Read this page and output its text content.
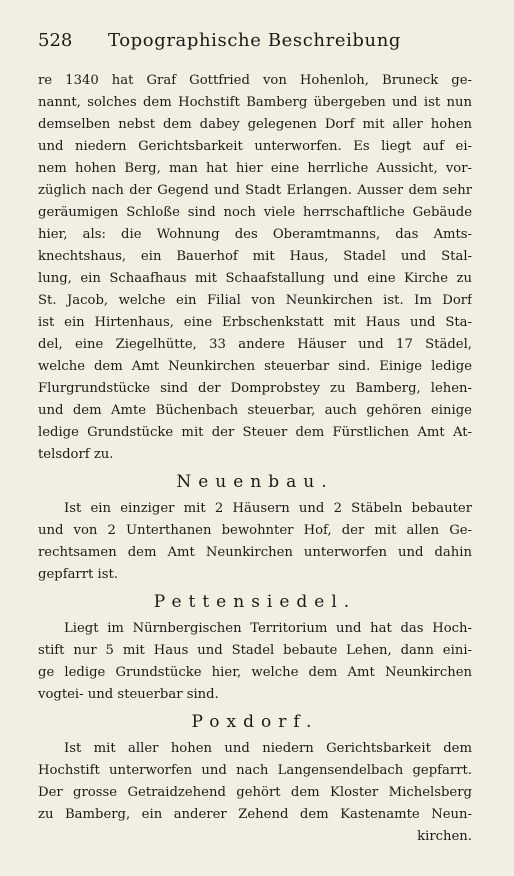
528	Topographische Beschreibung

re 1340 hat Graf Gottfried von Hohenloh, Bruneck ge-

nannt, solches dem Hochstift Bamberg übergeben und ist nun

demselben nebst dem dabey gelegenen Dorf mit aller hohen

und niedern Gerichtsbarkeit unterworfen. Es liegt auf ei-

nem hohen Berg, man hat hier eine herrliche Aussicht, vor-

züglich nach der Gegend und Stadt Erlangen. Ausser dem sehr

geräumigen Schloße sind noch viele herrschaftliche Gebäude

hier, als: die Wohnung des Oberamtmanns, das Amts-

knechtshaus, ein Bauerhof mit Haus, Stadel und Stal-

lung, ein Schaafhaus mit Schaafstallung und eine Kirche zu

St. Jacob, welche ein Filial von Neunkirchen ist. Im Dorf

ist ein Hirtenhaus, eine Erbschenkstatt mit Haus und Sta-

del, eine Ziegelhütte, 33 andere Häuser und 17 Städel,

welche dem Amt Neunkirchen steuerbar sind. Einige ledige

Flurgrundstücke sind der Domprobstey zu Bamberg, lehen-

und dem Amte Büchenbach steuerbar, auch gehören einige

ledige Grundstücke mit der Steuer dem Fürstlichen Amt At-

telsdorf zu.

Neuenbau.

Ist ein einziger mit 2 Häusern und 2 Stäbeln bebauter

und von 2 Unterthanen bewohnter Hof, der mit allen Ge-

rechtsamen dem Amt Neunkirchen unterworfen und dahin

gepfarrt ist.

Pettensiedel.

Liegt im Nürnbergischen Territorium und hat das Hoch-

stift nur 5 mit Haus und Stadel bebaute Lehen, dann eini-

ge ledige Grundstücke hier, welche dem Amt Neunkirchen

vogtei- und steuerbar sind.

Poxdorf.

Ist mit aller hohen und niedern Gerichtsbarkeit dem

Hochstift unterworfen und nach Langensendelbach gepfarrt.

Der grosse Getraidzehend gehört dem Kloster Michelsberg

zu Bamberg, ein anderer Zehend dem Kastenamte Neun-

kirchen.
